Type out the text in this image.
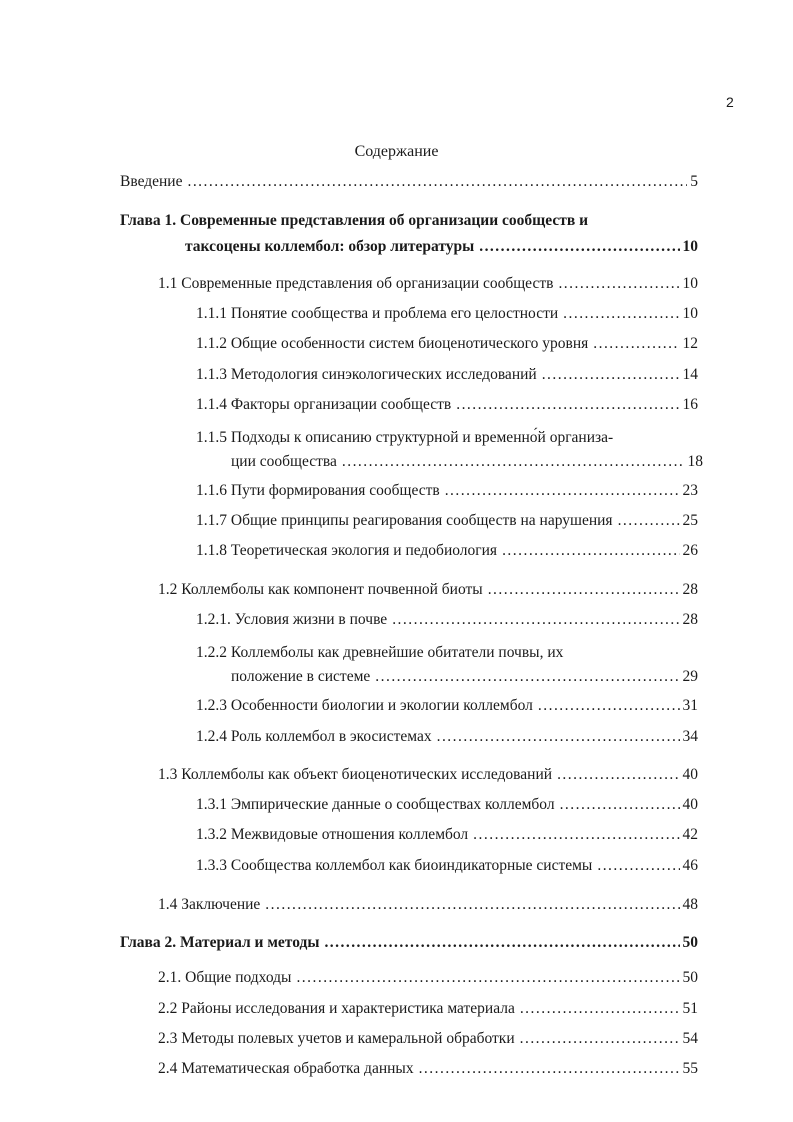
2
Содержание
Введение . . .	5
Глава 1. Современные представления об организации сообществ и
таксоцены коллембол: обзор литературы . . .	10
1.1 Современные представления об организации сообществ . . .	10
1.1.1 Понятие сообщества и проблема его целостности . . .	10
1.1.2 Общие особенности систем биоценотического уровня . . .	12
1.1.3 Методология синэкологических исследований . . .	14
1.1.4 Факторы организации сообществ . . .	16
1.1.5 Подходы к описанию структурной и временно́й организа-
ции сообщества . . .	18
1.1.6 Пути формирования сообществ . . .	23
1.1.7 Общие принципы реагирования сообществ на нарушения . . .	25
1.1.8 Теоретическая экология и педобиология . . .	26
1.2 Коллемболы как компонент почвенной биоты . . .	28
1.2.1. Условия жизни в почве . . .	28
1.2.2 Коллемболы как древнейшие обитатели почвы, их
положение в системе . . .	29
1.2.3 Особенности биологии и экологии коллембол . . .	31
1.2.4 Роль коллембол в экосистемах . . .	34
1.3 Коллемболы как объект биоценотических исследований . . .	40
1.3.1 Эмпирические данные о сообществах коллембол . . .	40
1.3.2 Межвидовые отношения коллембол . . .	42
1.3.3 Сообщества коллембол как биоиндикаторные системы . . .	46
1.4 Заключение . . .	48
Глава 2. Материал и методы . . .	50
2.1. Общие подходы . . .	50
2.2 Районы исследования и характеристика материала . . .	51
2.3 Методы полевых учетов и камеральной обработки . . .	54
2.4 Математическая обработка данных . . .	55
